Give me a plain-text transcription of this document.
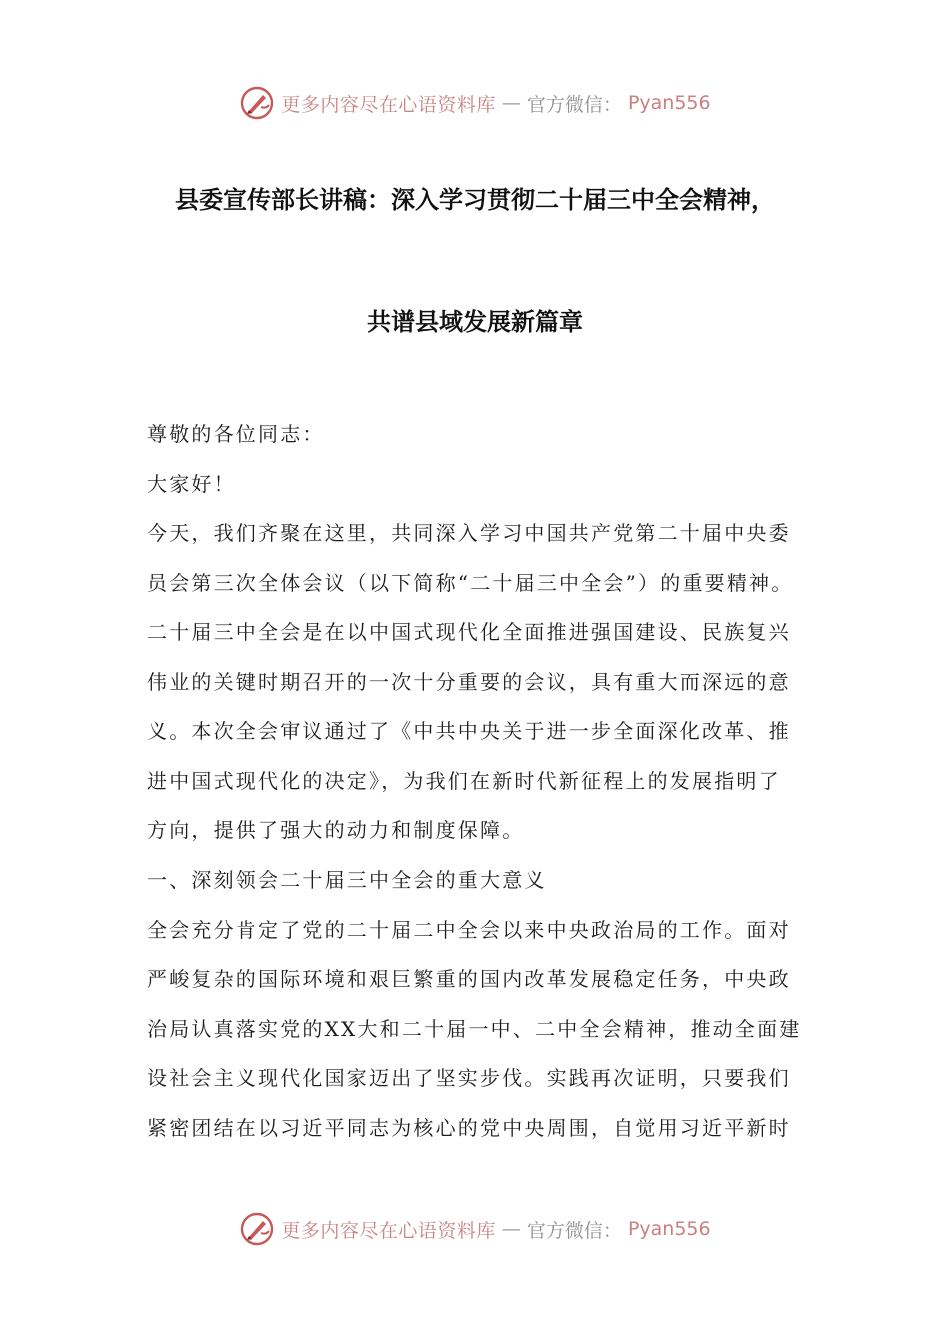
更多内容尽在心语资料库 — 官方微信： Pyan556
县委宣传部长讲稿：深入学习贯彻二十届三中全会精神，
共谱县域发展新篇章
尊敬的各位同志：
大家好！
今天，我们齐聚在这里，共同深入学习中国共产党第二十届中央委
员会第三次全体会议（以下简称“二十届三中全会”）的重要精神。
二十届三中全会是在以中国式现代化全面推进强国建设、民族复兴
伟业的关键时期召开的一次十分重要的会议，具有重大而深远的意
义。本次全会审议通过了《中共中央关于进一步全面深化改革、推
进中国式现代化的决定》，为我们在新时代新征程上的发展指明了
方向，提供了强大的动力和制度保障。
一、深刻领会二十届三中全会的重大意义
全会充分肯定了党的二十届二中全会以来中央政治局的工作。面对
严峻复杂的国际环境和艰巨繁重的国内改革发展稳定任务，中央政
治局认真落实党的XX大和二十届一中、二中全会精神，推动全面建
设社会主义现代化国家迈出了坚实步伐。实践再次证明，只要我们
紧密团结在以习近平同志为核心的党中央周围，自觉用习近平新时
更多内容尽在心语资料库 — 官方微信： Pyan556
